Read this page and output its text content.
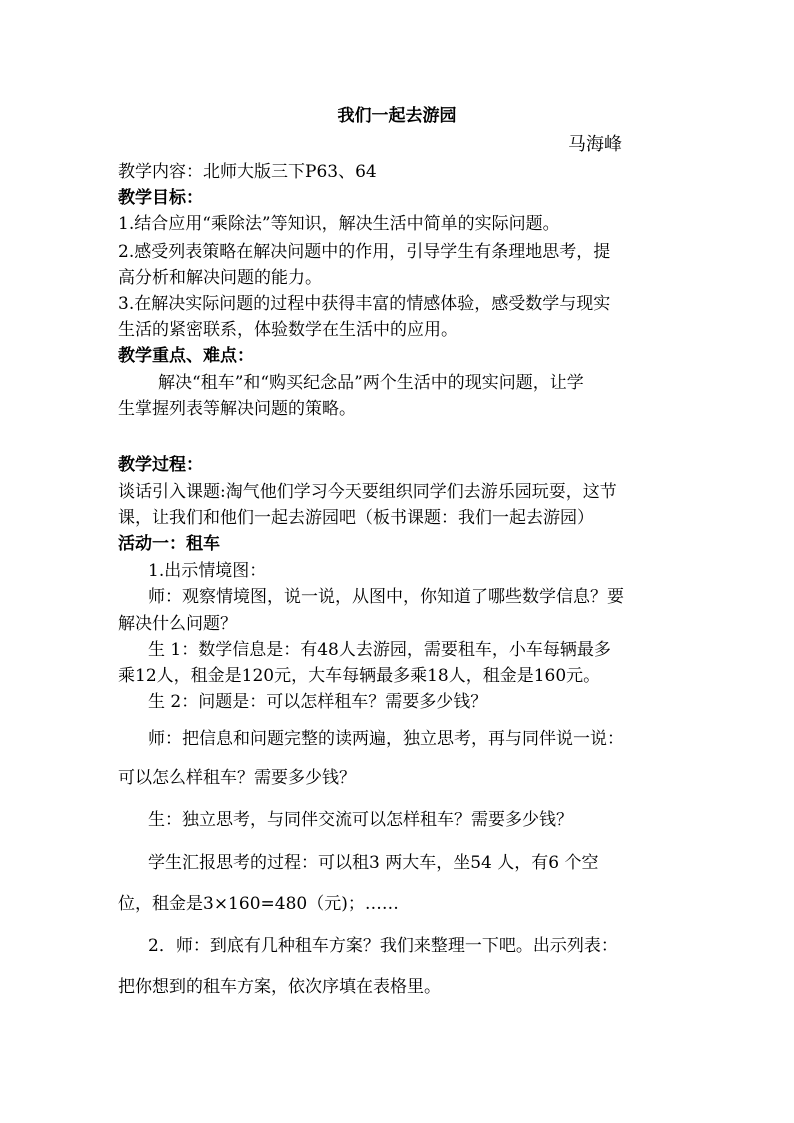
我们一起去游园
马海峰
教学内容：北师大版三下P63、64
教学目标：
1.结合应用“乘除法”等知识，解决生活中简单的实际问题。
2.感受列表策略在解决问题中的作用，引导学生有条理地思考，提
高分析和解决问题的能力。
3.在解决实际问题的过程中获得丰富的情感体验，感受数学与现实
生活的紧密联系，体验数学在生活中的应用。
教学重点、难点：
解决“租车”和“购买纪念品”两个生活中的现实问题，让学
生掌握列表等解决问题的策略。
教学过程：
谈话引入课题:淘气他们学习今天要组织同学们去游乐园玩耍，这节
课，让我们和他们一起去游园吧（板书课题：我们一起去游园）
活动一：租车
1.出示情境图：
师：观察情境图，说一说，从图中，你知道了哪些数学信息？要
解决什么问题？
生 1：数学信息是：有48人去游园，需要租车，小车每辆最多
乘12人，租金是120元，大车每辆最多乘18人，租金是160元。
生 2：问题是：可以怎样租车？需要多少钱？
师：把信息和问题完整的读两遍，独立思考，再与同伴说一说：
可以怎么样租车？需要多少钱？
生：独立思考，与同伴交流可以怎样租车？需要多少钱？
学生汇报思考的过程：可以租3 两大车，坐54 人，有6 个空
位，租金是3×160=480（元)；……
2．师：到底有几种租车方案？我们来整理一下吧。出示列表：
把你想到的租车方案，依次序填在表格里。
